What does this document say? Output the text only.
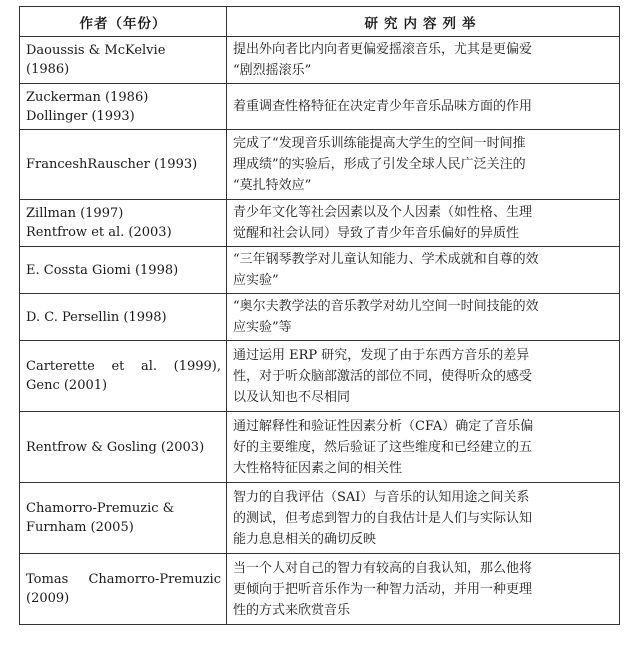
作者（年份）	研究内容列举

Daoussis & McKelvie
(1986)	提出外向者比内向者更偏爱摇滚音乐，尤其是更偏爱
“剧烈摇滚乐”

Zuckerman (1986)
Dollinger (1993)	着重调查性格特征在决定青少年音乐品味方面的作用

FranceshRauscher (1993)	完成了“发现音乐训练能提高大学生的空间一时间推
理成绩”的实验后，形成了引发全球人民广泛关注的
“莫扎特效应”

Zillman (1997)
Rentfrow et al. (2003)	青少年文化等社会因素以及个人因素（如性格、生理
觉醒和社会认同）导致了青少年音乐偏好的异质性

E. Cossta Giomi (1998)	“三年钢琴教学对儿童认知能力、学术成就和自尊的效
应实验”

D. C. Persellin (1998)	“奥尔夫教学法的音乐教学对幼儿空间一时间技能的效
应实验”等

Carterette et al. (1999),
Genc (2001)	通过运用 ERP 研究，发现了由于东西方音乐的差异
性，对于听众脑部激活的部位不同，使得听众的感受
以及认知也不尽相同

Rentfrow & Gosling (2003)	通过解释性和验证性因素分析（CFA）确定了音乐偏
好的主要维度，然后验证了这些维度和已经建立的五
大性格特征因素之间的相关性

Chamorro-Premuzic &
Furnham (2005)	智力的自我评估（SAI）与音乐的认知用途之间关系
的测试，但考虑到智力的自我估计是人们与实际认知
能力息息相关的确切反映

Tomas Chamorro-Premuzic
(2009)	当一个人对自己的智力有较高的自我认知，那么他将
更倾向于把听音乐作为一种智力活动，并用一种更理
性的方式来欣赏音乐
